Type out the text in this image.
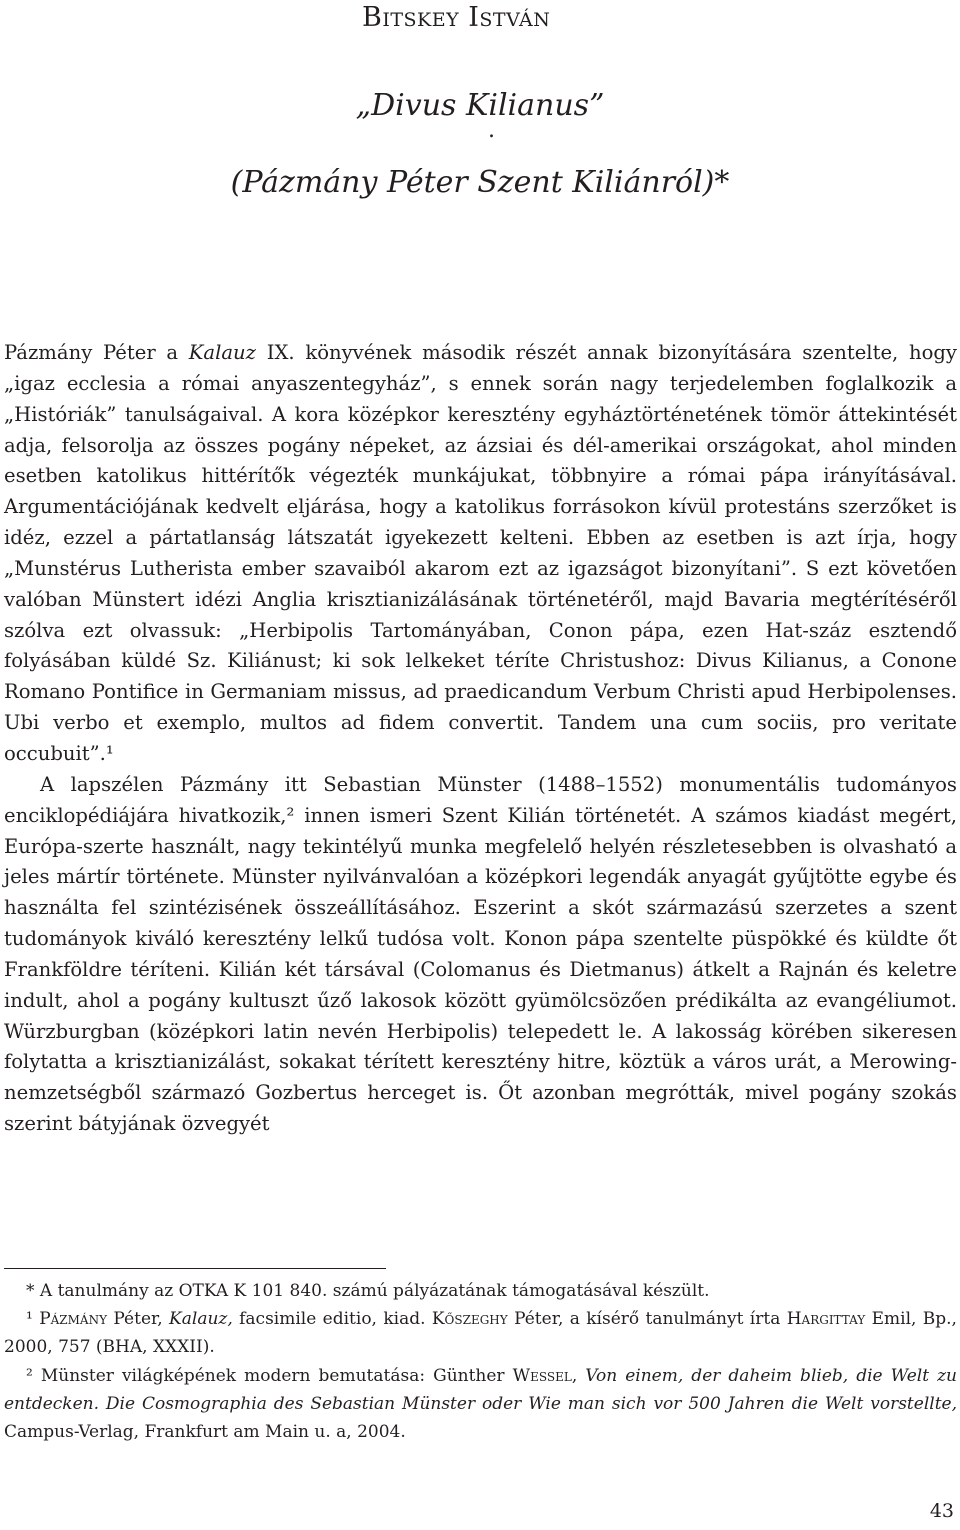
Bitskey István
„Divus Kilianus”
.
(Pázmány Péter Szent Kiliánról)*

Pázmány Péter a Kalauz IX. könyvének második részét annak bizonyítására szentelte, hogy „igaz ecclesia a római anyaszentegyház”, s ennek során nagy terjedelemben foglalkozik a „Históriák” tanulságaival. A kora középkor keresztény egyháztörténetének tömör áttekintését adja, felsorolja az összes pogány népeket, az ázsiai és dél-amerikai országokat, ahol minden esetben katolikus hittérítők végezték munkájukat, többnyire a római pápa irányításával. Argumentációjának kedvelt eljárása, hogy a katolikus forrásokon kívül protestáns szerzőket is idéz, ezzel a pártatlanság látszatát igyekezett kelteni. Ebben az esetben is azt írja, hogy „Munstérus Lutherista ember szavaiból akarom ezt az igazságot bizonyítani”. S ezt követően valóban Münstert idézi Anglia krisztianizálásának történetéről, majd Bavaria megtérítéséről szólva ezt olvassuk: „Herbipolis Tartományában, Conon pápa, ezen Hat-száz esztendő folyásában küldé Sz. Kiliánust; ki sok lelkeket téríte Christushoz: Divus Kilianus, a Conone Romano Pontifice in Germaniam missus, ad praedicandum Verbum Christi apud Herbipolenses. Ubi verbo et exemplo, multos ad fidem convertit. Tandem una cum sociis, pro veritate occubuit”.¹

A lapszélen Pázmány itt Sebastian Münster (1488–1552) monumentális tudományos enciklopédiájára hivatkozik,² innen ismeri Szent Kilián történetét. A számos kiadást megért, Európa-szerte használt, nagy tekintélyű munka megfelelő helyén részletesebben is olvasható a jeles mártír története. Münster nyilvánvalóan a középkori legendák anyagát gyűjtötte egybe és használta fel szintézisének összeállításához. Eszerint a skót származású szerzetes a szent tudományok kiváló keresztény lelkű tudósa volt. Konon pápa szentelte püspökké és küldte őt Frankföldre téríteni. Kilián két társával (Colomanus és Dietmanus) átkelt a Rajnán és keletre indult, ahol a pogány kultuszt űző lakosok között gyümölcsözően prédikálta az evangéliumot. Würzburgban (középkori latin nevén Herbipolis) telepedett le. A lakosság körében sikeresen folytatta a krisztianizálást, sokakat térített keresztény hitre, köztük a város urát, a Merowing-nemzetségből származó Gozbertus herceget is. Őt azonban megrótták, mivel pogány szokás szerint bátyjának özvegyét

* A tanulmány az OTKA K 101 840. számú pályázatának támogatásával készült.

¹ Pázmány Péter, Kalauz, facsimile editio, kiad. Kőszeghy Péter, a kísérő tanulmányt írta Hargittay Emil, Bp., 2000, 757 (BHA, XXXII).

² Münster világképének modern bemutatása: Günther Wessel, Von einem, der daheim blieb, die Welt zu entdecken. Die Cosmographia des Sebastian Münster oder Wie man sich vor 500 Jahren die Welt vorstellte, Campus-Verlag, Frankfurt am Main u. a, 2004.

43
